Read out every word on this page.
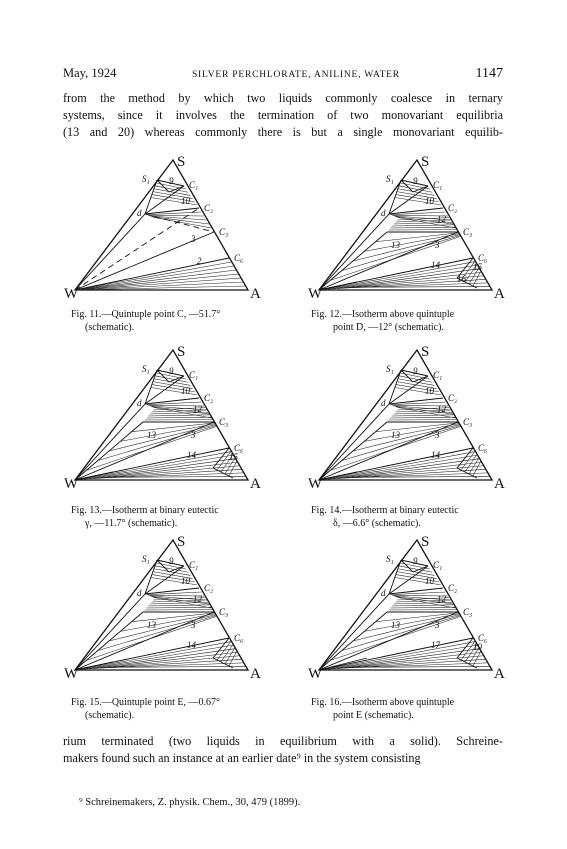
May, 1924	SILVER PERCHLORATE, ANILINE, WATER	1147
from the method by which two liquids commonly coalesce in ternary
systems, since it involves the termination of two monovariant equilibria
(13 and 20) whereas commonly there is but a single monovariant equilib-
S
W	A
S₁
C₁
C₂
C₃
C₆
d
9
10
3
2
Fig. 11.—Quintuple point C, —51.7°
(schematic).
S
W	A
S₁
C₁
C₂
C₃
C₆
d
9
10
12
13	3
14	15
16
Fig. 12.—Isotherm above quintuple
point D, —12° (schematic).
S
W	A
S₁
C₁
C₂
C₃
C₆
d
9
10
12
13	3
14	15
Fig. 13.—Isotherm at binary eutectic
γ, —11.7° (schematic).
S
W	A
S₁
C₁
C₂
C₃
C₆
d
9
10
12
13	3
14
Fig. 14.—Isotherm at binary eutectic
δ, —6.6° (schematic).
S
W	A
S₁
C₁
C₂
C₃
C₆
d
9
10
12
13	3
14
Fig. 15.—Quintuple point E, —0.67°
(schematic).
S
W	A
S₁
C₁
C₂
C₃
C₆
d
9
10
12
13	3
17	19
Fig. 16.—Isotherm above quintuple
point E (schematic).
rium terminated (two liquids in equilibrium with a solid). Schreine-
makers found such an instance at an earlier date⁹ in the system consisting
⁹ Schreinemakers, Z. physik. Chem., 30, 479 (1899).
